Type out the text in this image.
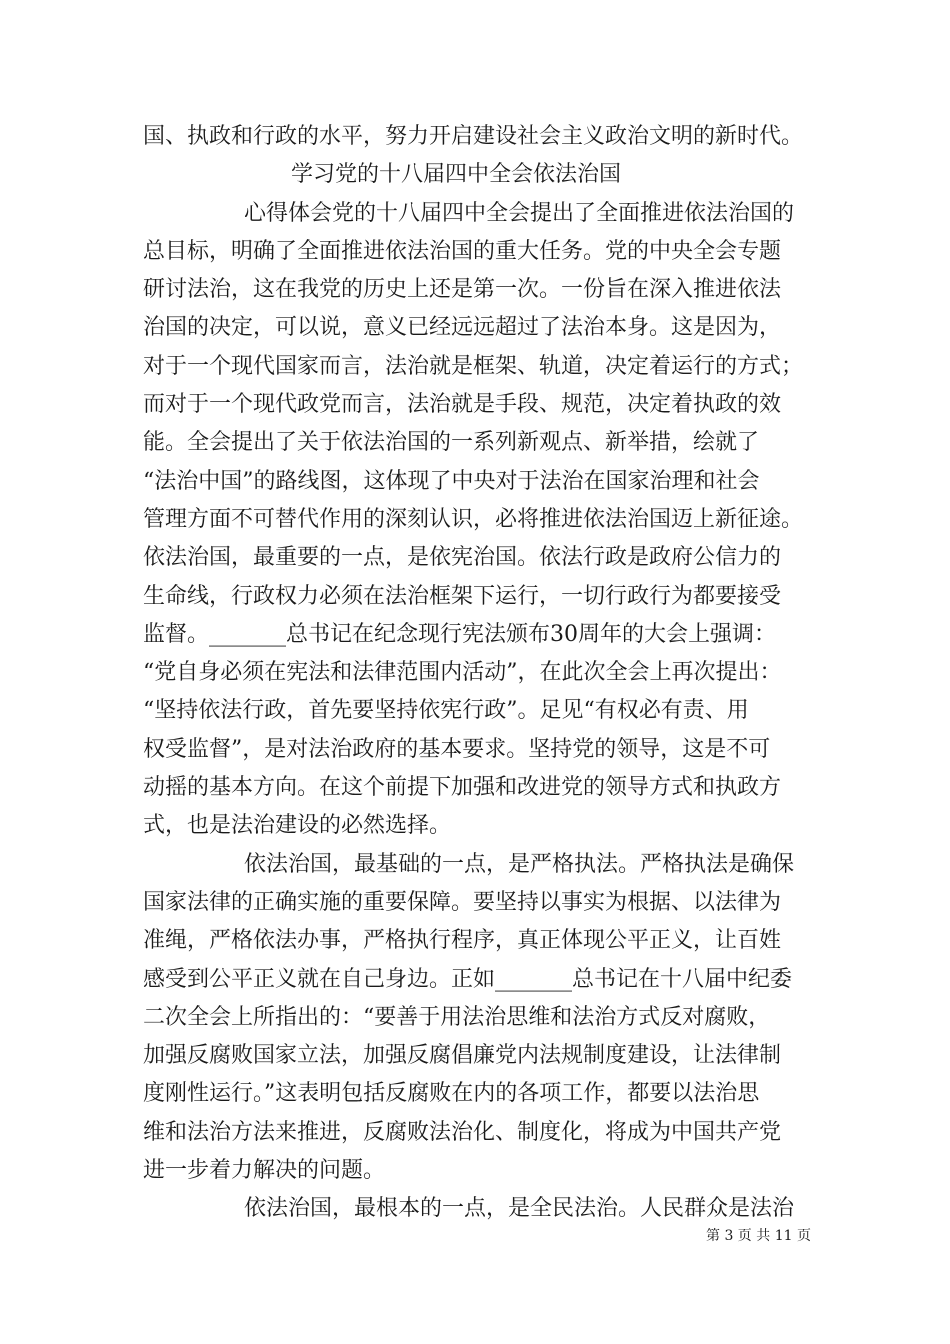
国、执政和行政的水平，努力开启建设社会主义政治文明的新时代。
学习党的十八届四中全会依法治国
心得体会党的十八届四中全会提出了全面推进依法治国的
总目标，明确了全面推进依法治国的重大任务。党的中央全会专题
研讨法治，这在我党的历史上还是第一次。一份旨在深入推进依法
治国的决定，可以说，意义已经远远超过了法治本身。这是因为，
对于一个现代国家而言，法治就是框架、轨道，决定着运行的方式；
而对于一个现代政党而言，法治就是手段、规范，决定着执政的效
能。全会提出了关于依法治国的一系列新观点、新举措，绘就了
“法治中国”的路线图，这体现了中央对于法治在国家治理和社会
管理方面不可替代作用的深刻认识，必将推进依法治国迈上新征途。
依法治国，最重要的一点，是依宪治国。依法行政是政府公信力的
生命线，行政权力必须在法治框架下运行，一切行政行为都要接受
监督。_______总书记在纪念现行宪法颁布30周年的大会上强调：
“党自身必须在宪法和法律范围内活动”，在此次全会上再次提出：
“坚持依法行政，首先要坚持依宪行政”。足见“有权必有责、用
权受监督”，是对法治政府的基本要求。坚持党的领导，这是不可
动摇的基本方向。在这个前提下加强和改进党的领导方式和执政方
式，也是法治建设的必然选择。
依法治国，最基础的一点，是严格执法。严格执法是确保
国家法律的正确实施的重要保障。要坚持以事实为根据、以法律为
准绳，严格依法办事，严格执行程序，真正体现公平正义，让百姓
感受到公平正义就在自己身边。正如_______总书记在十八届中纪委
二次全会上所指出的：“要善于用法治思维和法治方式反对腐败，
加强反腐败国家立法，加强反腐倡廉党内法规制度建设，让法律制
度刚性运行。”这表明包括反腐败在内的各项工作，都要以法治思
维和法治方法来推进，反腐败法治化、制度化，将成为中国共产党
进一步着力解决的问题。
依法治国，最根本的一点，是全民法治。人民群众是法治
第 3 页 共 11 页
